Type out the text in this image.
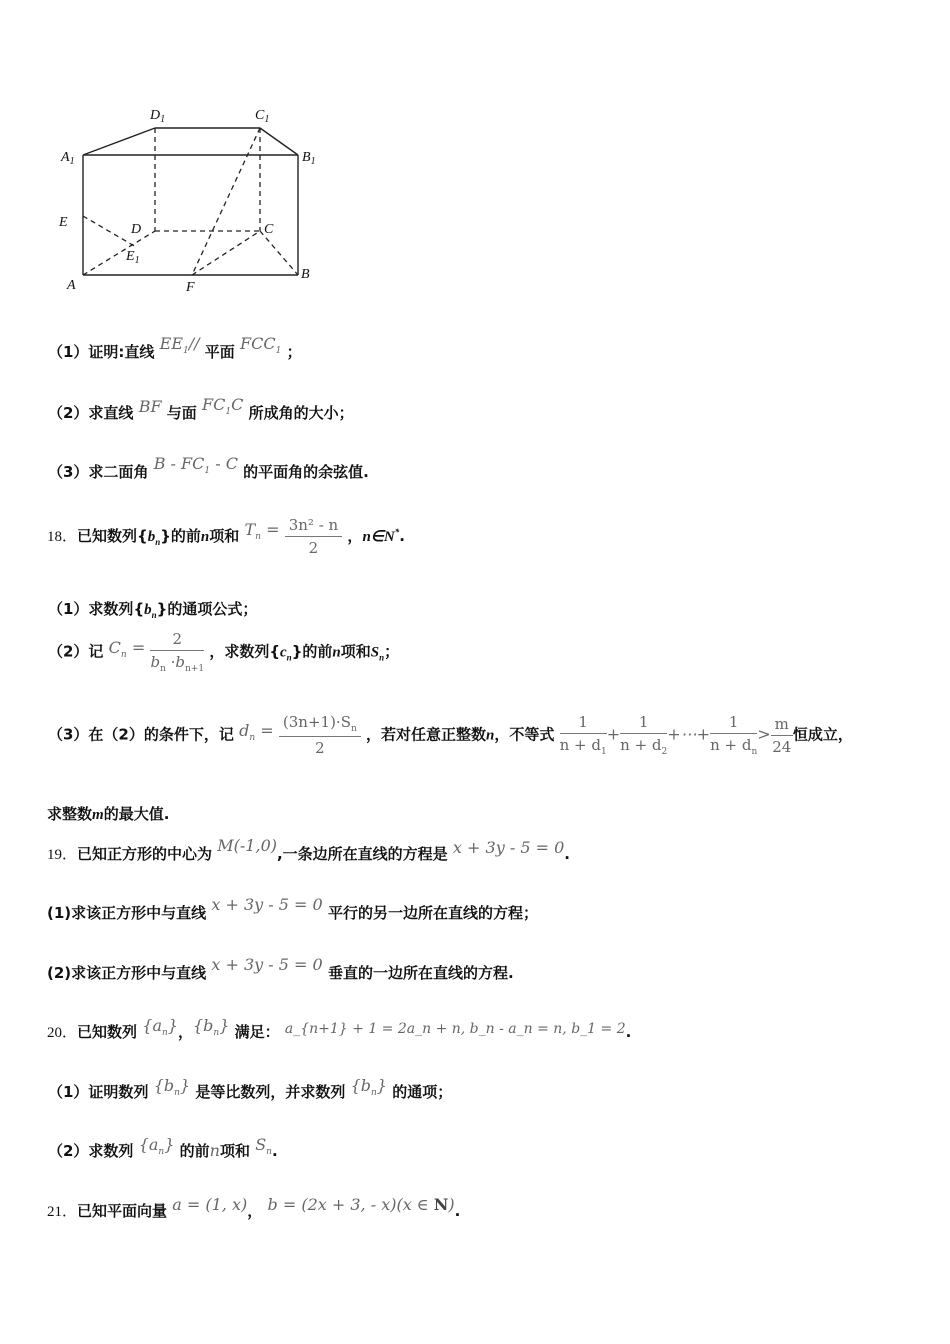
$D_1$	$C_1$
$A_1$	$B_1$
E	D	C
$E_1$
A	F
B
（1）证明:直线 $EE_1//$ 平面 $FCC_1$ ；
（2）求直线 BF 与面 $FC_1C$ 所成角的大小；
（3）求二面角 B - $FC_1$ - C 的平面角的余弦值.
18．已知数列$\{b_n\}$的前n项和 $T_n = \frac{\text{3n² - n}}{2}$ ，n∈N*.
（1）求数列$\{b_n\}$的通项公式；
（2）记 $C_n = \frac{2}{b_n \cdot b_{n+1}}$ ，求数列$\{c_n\}$的前n项和$S_n$；
（3）在（2）的条件下，记 $d_n = \frac{(3n+1)\cdot S_n}{2}$ ，若对任意正整数n，不等式 $\frac{1}{n + d_1} + \frac{1}{n + d_2}$ +⋯+ $\frac{1}{n + d_n} > \frac{m}{24}$ 恒成立，
求整数m的最大值.
19．已知正方形的中心为 M(-1,0),一条边所在直线的方程是 x + 3y - 5 = 0.
(1)求该正方形中与直线 x + 3y - 5 = 0 平行的另一边所在直线的方程；
(2)求该正方形中与直线 x + 3y - 5 = 0 垂直的一边所在直线的方程.
20．已知数列 $\{a_n\}$，$\{b_n\}$ 满足： a_{n+1} + 1 = 2a_n + n, b_n - a_n = n, b_1 = 2.
（1）证明数列 $\{b_n\}$ 是等比数列，并求数列 $\{b_n\}$ 的通项；
（2）求数列 $\{a_n\}$ 的前n项和 $S_n$.
21．已知平面向量 a = (1, x)， b = (2x + 3, - x)(x ∈ N).
